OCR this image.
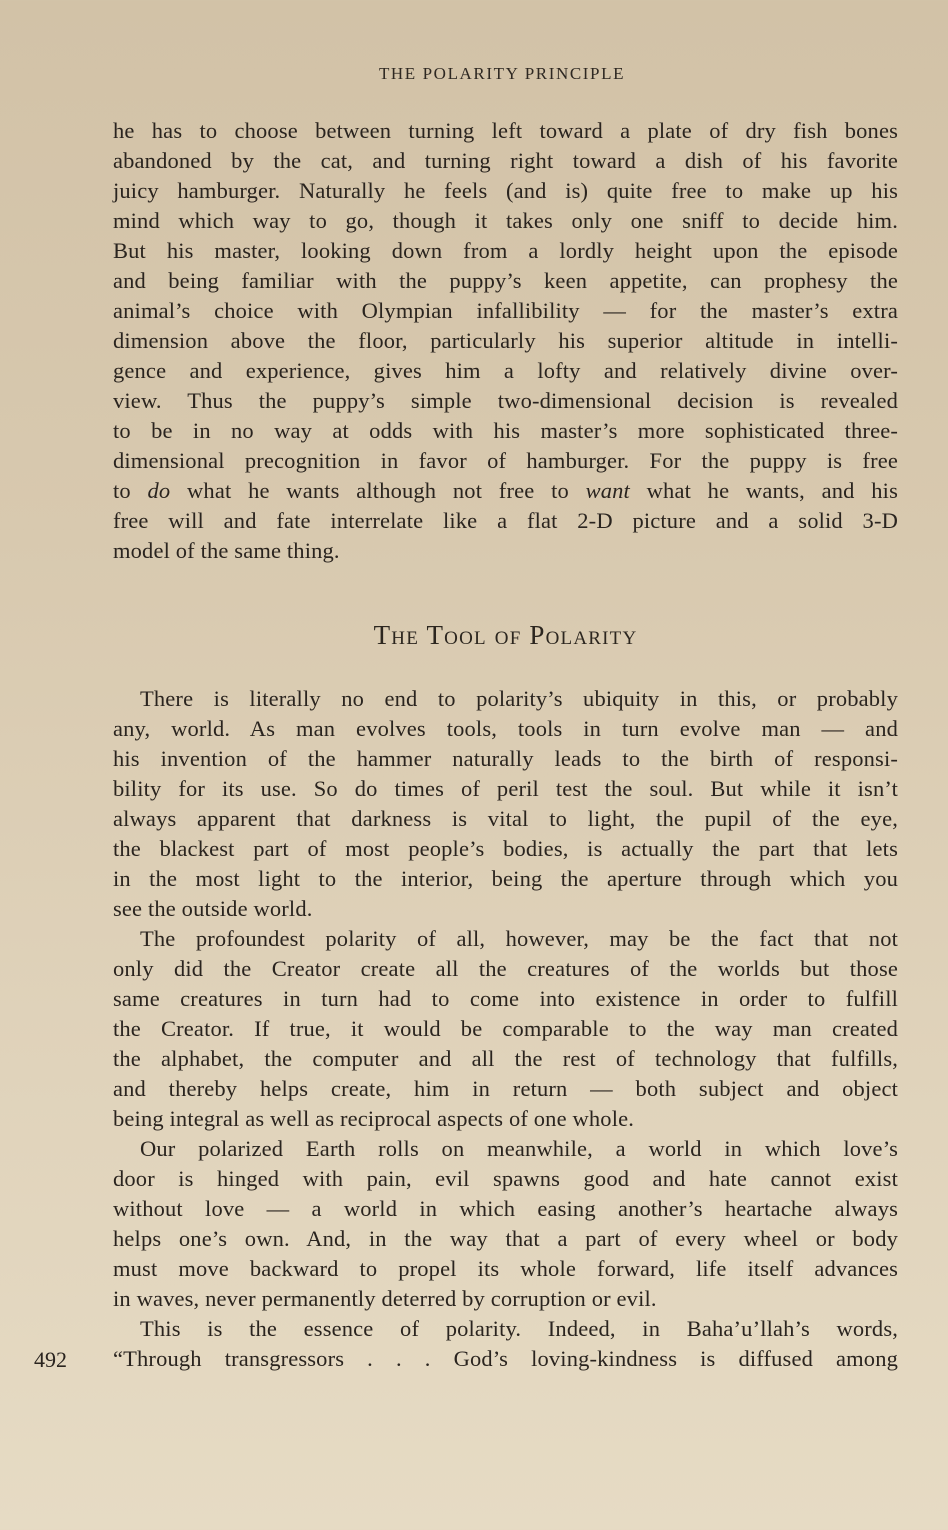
THE POLARITY PRINCIPLE
he has to choose between turning left toward a plate of dry fish bones
abandoned by the cat, and turning right toward a dish of his favorite
juicy hamburger. Naturally he feels (and is) quite free to make up his
mind which way to go, though it takes only one sniff to decide him.
But his master, looking down from a lordly height upon the episode
and being familiar with the puppy’s keen appetite, can prophesy the
animal’s choice with Olympian infallibility — for the master’s extra
dimension above the floor, particularly his superior altitude in intelli-
gence and experience, gives him a lofty and relatively divine over-
view. Thus the puppy’s simple two-dimensional decision is revealed
to be in no way at odds with his master’s more sophisticated three-
dimensional precognition in favor of hamburger. For the puppy is free
to do what he wants although not free to want what he wants, and his
free will and fate interrelate like a flat 2-D picture and a solid 3-D
model of the same thing.
The Tool of Polarity
There is literally no end to polarity’s ubiquity in this, or probably
any, world. As man evolves tools, tools in turn evolve man — and
his invention of the hammer naturally leads to the birth of responsi-
bility for its use. So do times of peril test the soul. But while it isn’t
always apparent that darkness is vital to light, the pupil of the eye,
the blackest part of most people’s bodies, is actually the part that lets
in the most light to the interior, being the aperture through which you
see the outside world.
The profoundest polarity of all, however, may be the fact that not
only did the Creator create all the creatures of the worlds but those
same creatures in turn had to come into existence in order to fulfill
the Creator. If true, it would be comparable to the way man created
the alphabet, the computer and all the rest of technology that fulfills,
and thereby helps create, him in return — both subject and object
being integral as well as reciprocal aspects of one whole.
Our polarized Earth rolls on meanwhile, a world in which love’s
door is hinged with pain, evil spawns good and hate cannot exist
without love — a world in which easing another’s heartache always
helps one’s own. And, in the way that a part of every wheel or body
must move backward to propel its whole forward, life itself advances
in waves, never permanently deterred by corruption or evil.
This is the essence of polarity. Indeed, in Baha’u’llah’s words,
“Through transgressors . . . God’s loving-kindness is diffused among
492
